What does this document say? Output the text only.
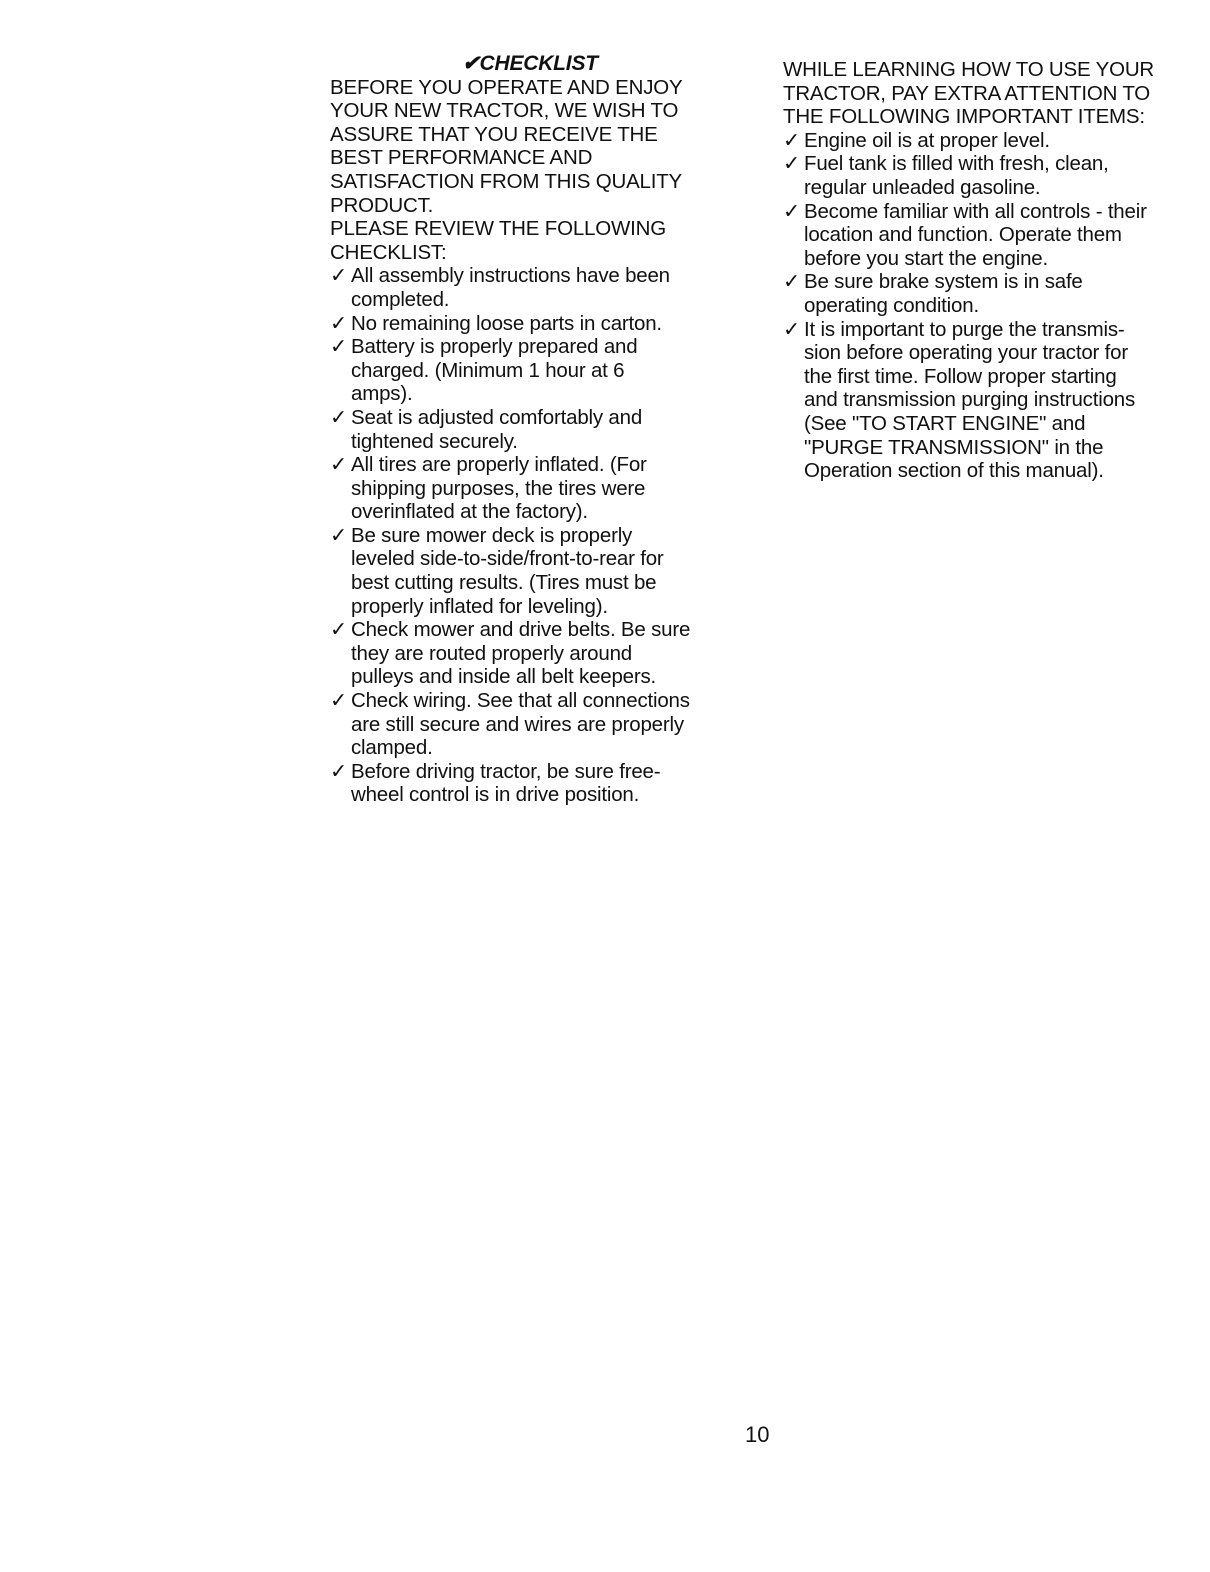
✔CHECKLIST
BEFORE YOU OPERATE AND ENJOY
YOUR NEW TRACTOR, WE WISH TO
ASSURE THAT YOU RECEIVE THE
BEST PERFORMANCE AND
SATISFACTION FROM THIS QUALITY
PRODUCT.
PLEASE REVIEW THE FOLLOWING
CHECKLIST:
✓ All assembly instructions have been
completed.
✓ No remaining loose parts in carton.
✓ Battery is properly prepared and
charged. (Minimum 1 hour at 6
amps).
✓ Seat is adjusted comfortably and
tightened securely.
✓ All tires are properly inflated. (For
shipping purposes, the tires were
overinflated at the factory).
✓ Be sure mower deck is properly
leveled side-to-side/front-to-rear for
best cutting results. (Tires must be
properly inflated for leveling).
✓ Check mower and drive belts. Be sure
they are routed properly around
pulleys and inside all belt keepers.
✓ Check wiring. See that all connections
are still secure and wires are properly
clamped.
✓ Before driving tractor, be sure free-
wheel control is in drive position.
WHILE LEARNING HOW TO USE YOUR
TRACTOR, PAY EXTRA ATTENTION TO
THE FOLLOWING IMPORTANT ITEMS:
✓ Engine oil is at proper level.
✓ Fuel tank is filled with fresh, clean,
regular unleaded gasoline.
✓ Become familiar with all controls - their
location and function. Operate them
before you start the engine.
✓ Be sure brake system is in safe
operating condition.
✓ It is important to purge the transmis-
sion before operating your tractor for
the first time. Follow proper starting
and transmission purging instructions
(See "TO START ENGINE" and
"PURGE TRANSMISSION" in the
Operation section of this manual).
10
